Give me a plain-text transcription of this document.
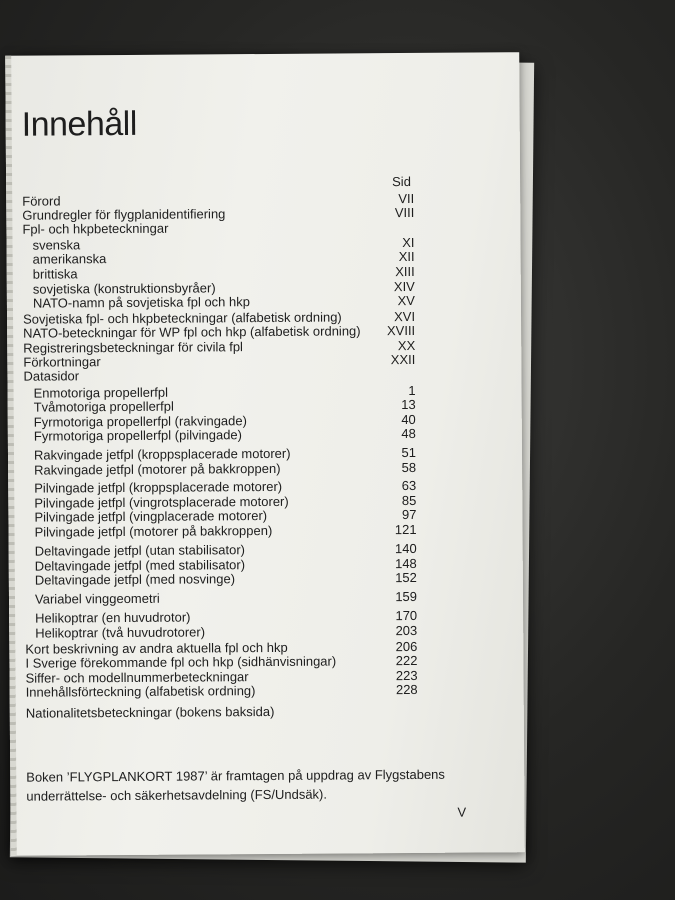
Innehåll
Sid
Förord	VII
Grundregler för flygplanidentifiering	VIII
Fpl- och hkpbeteckningar
svenska	XI
amerikanska	XII
brittiska	XIII
sovjetiska (konstruktionsbyråer)	XIV
NATO-namn på sovjetiska fpl och hkp	XV
Sovjetiska fpl- och hkpbeteckningar (alfabetisk ordning)	XVI
NATO-beteckningar för WP fpl och hkp (alfabetisk ordning) XVIII
Registreringsbeteckningar för civila fpl	XX
Förkortningar	XXII
Datasidor
Enmotoriga propellerfpl	1
Tvåmotoriga propellerfpl	13
Fyrmotoriga propellerfpl (rakvingade)	40
Fyrmotoriga propellerfpl (pilvingade)	48
Rakvingade jetfpl (kroppsplacerade motorer)	51
Rakvingade jetfpl (motorer på bakkroppen)	58
Pilvingade jetfpl (kroppsplacerade motorer)	63
Pilvingade jetfpl (vingrotsplacerade motorer)	85
Pilvingade jetfpl (vingplacerade motorer)	97
Pilvingade jetfpl (motorer på bakkroppen)	121
Deltavingade jetfpl (utan stabilisator)	140
Deltavingade jetfpl (med stabilisator)	148
Deltavingade jetfpl (med nosvinge)	152
Variabel vinggeometri	159
Helikoptrar (en huvudrotor)	170
Helikoptrar (två huvudrotorer)	203
Kort beskrivning av andra aktuella fpl och hkp	206
I Sverige förekommande fpl och hkp (sidhänvisningar)	222
Siffer- och modellnummerbeteckningar	223
Innehållsförteckning (alfabetisk ordning)	228
Nationalitetsbeteckningar (bokens baksida)
Boken ’FLYGPLANKORT 1987’ är framtagen på uppdrag av Flygstabens underrättelse- och säkerhetsavdelning (FS/Undsäk).
V
